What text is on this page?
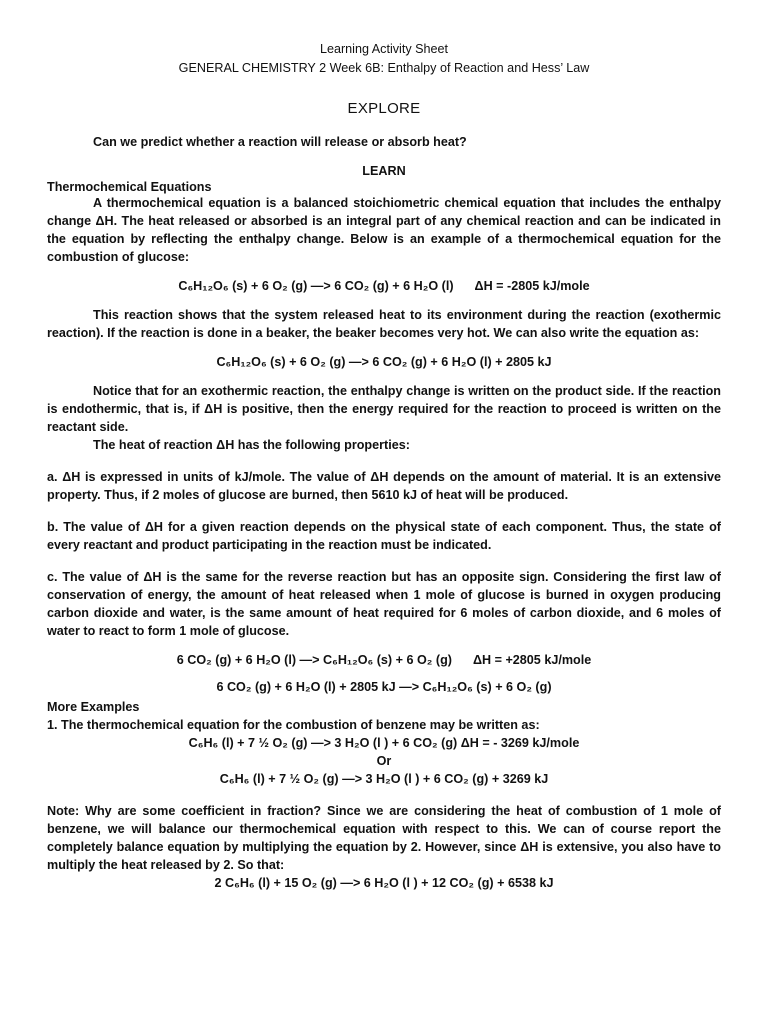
Learning Activity Sheet
GENERAL CHEMISTRY 2 Week 6B: Enthalpy of Reaction and Hess’ Law
EXPLORE
Can we predict whether a reaction will release or absorb heat?
LEARN
Thermochemical Equations

A thermochemical equation is a balanced stoichiometric chemical equation that includes the enthalpy change ΔH. The heat released or absorbed is an integral part of any chemical reaction and can be indicated in the equation by reflecting the enthalpy change. Below is an example of a thermochemical equation for the combustion of glucose:

C₆H₁₂O₆ (s) + 6 O₂ (g) —> 6 CO₂ (g) + 6 H₂O (l)      ΔH = -2805 kJ/mole

This reaction shows that the system released heat to its environment during the reaction (exothermic reaction). If the reaction is done in a beaker, the beaker becomes very hot. We can also write the equation as:

C₆H₁₂O₆ (s) + 6 O₂ (g) —> 6 CO₂ (g) + 6 H₂O (l) + 2805 kJ

Notice that for an exothermic reaction, the enthalpy change is written on the product side. If the reaction is endothermic, that is, if ΔH is positive, then the energy required for the reaction to proceed is written on the reactant side.

The heat of reaction ΔH has the following properties:

a. ΔH is expressed in units of kJ/mole. The value of ΔH depends on the amount of material. It is an extensive property. Thus, if 2 moles of glucose are burned, then 5610 kJ of heat will be produced.

b. The value of ΔH for a given reaction depends on the physical state of each component. Thus, the state of every reactant and product participating in the reaction must be indicated.

c. The value of ΔH is the same for the reverse reaction but has an opposite sign. Considering the first law of conservation of energy, the amount of heat released when 1 mole of glucose is burned in oxygen producing carbon dioxide and water, is the same amount of heat required for 6 moles of carbon dioxide, and 6 moles of water to react to form 1 mole of glucose.

6 CO₂ (g) + 6 H₂O (l) —> C₆H₁₂O₆ (s) + 6 O₂ (g)      ΔH = +2805 kJ/mole
6 CO₂ (g) + 6 H₂O (l) + 2805 kJ —> C₆H₁₂O₆ (s) + 6 O₂ (g)
More Examples
1. The thermochemical equation for the combustion of benzene may be written as:
C₆H₆ (l) + 7 ½ O₂ (g) —> 3 H₂O (l ) + 6 CO₂ (g) ΔH = - 3269 kJ/mole
Or
C₆H₆ (l) + 7 ½ O₂ (g) —> 3 H₂O (l ) + 6 CO₂ (g) + 3269 kJ

Note: Why are some coefficient in fraction? Since we are considering the heat of combustion of 1 mole of benzene, we will balance our thermochemical equation with respect to this. We can of course report the completely balance equation by multiplying the equation by 2. However, since ΔH is extensive, you also have to multiply the heat released by 2. So that:

2 C₆H₆ (l) + 15 O₂ (g) —> 6 H₂O (l ) + 12 CO₂ (g) + 6538 kJ
